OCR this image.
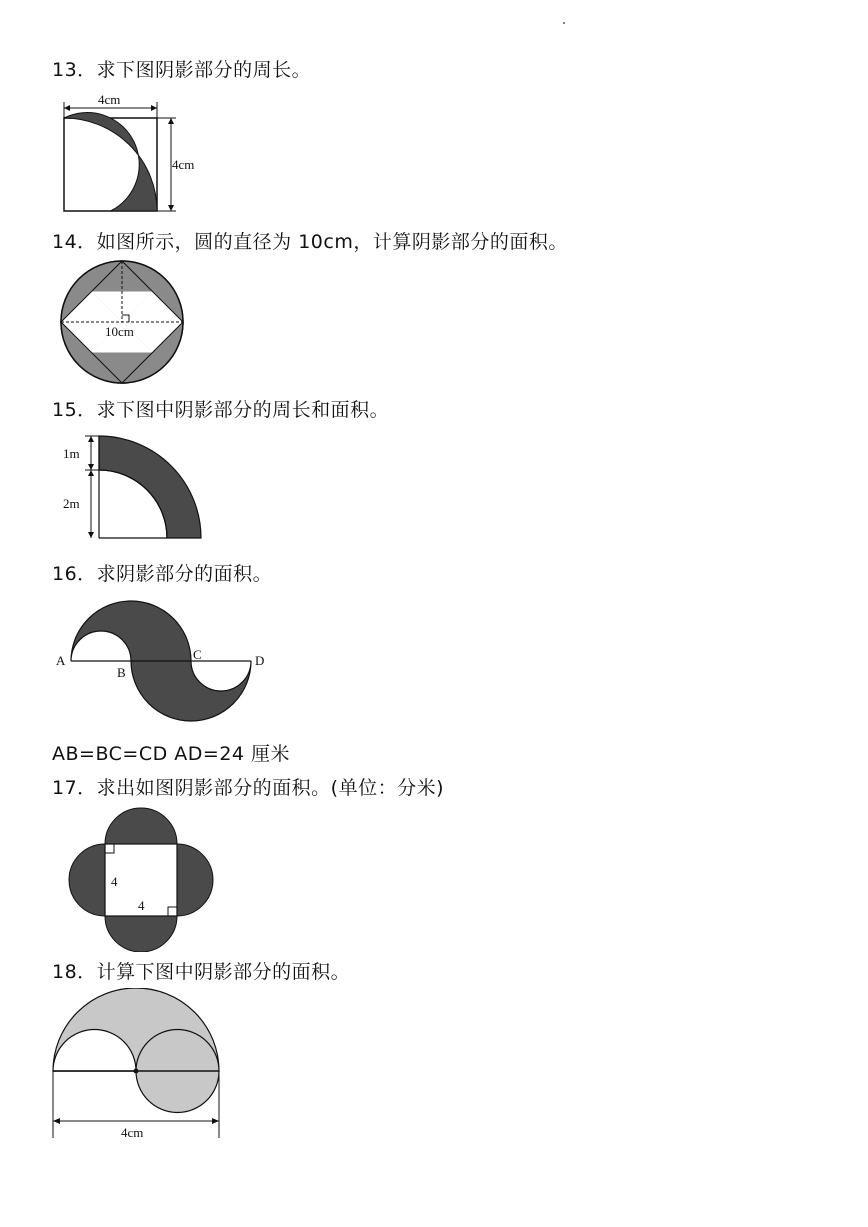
13．求下图阴影部分的周长。
4cm
4cm
14．如图所示，圆的直径为 10cm，计算阴影部分的面积。
10cm
15．求下图中阴影部分的周长和面积。
1m
2m
16．求阴影部分的面积。
A
B
C	D
AB=BC=CD AD=24 厘米
17．求出如图阴影部分的面积。(单位：分米)
4
4
18．计算下图中阴影部分的面积。
4cm
